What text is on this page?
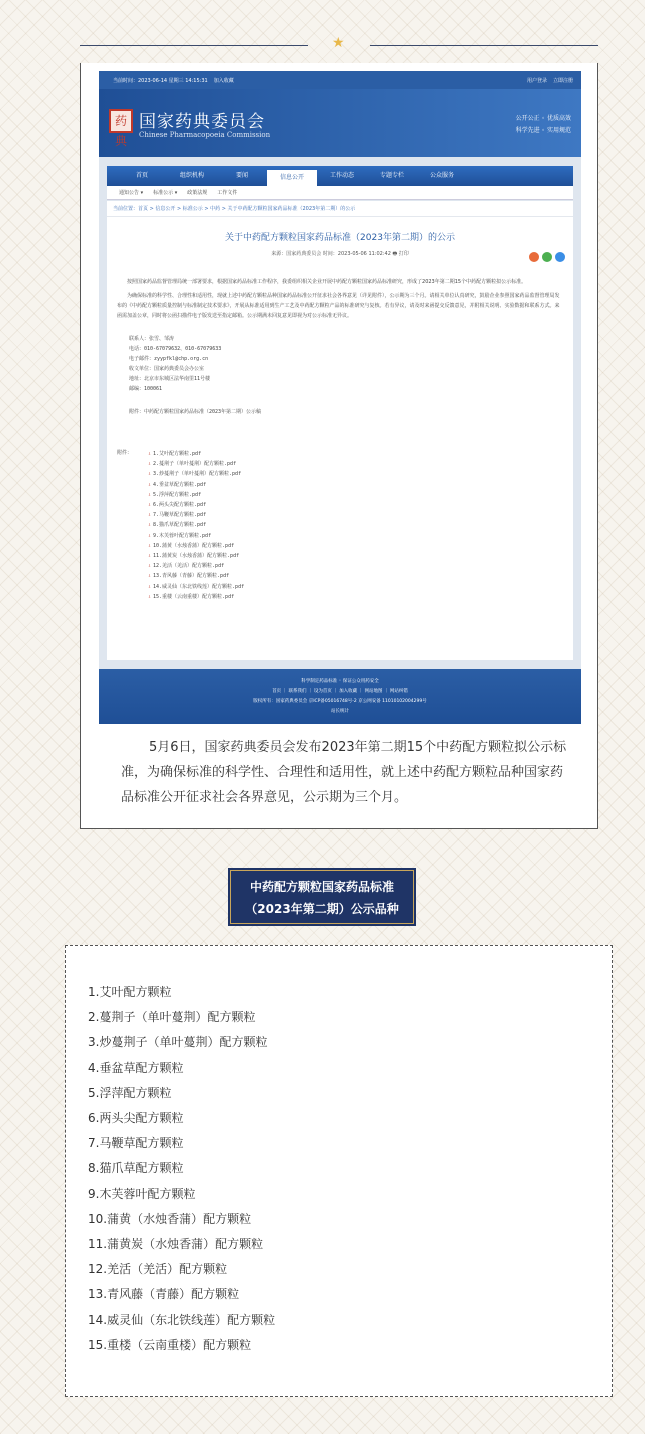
★
当前时间：2023-06-14 星期三 14:15:31 加入收藏	用户登录 立即注册
药典
国家药典委员会
Chinese Pharmacopoeia Commission
公开公正 ◦ 优质高效
科学先进 ◦ 实用规范
首页	组织机构	要闻	信息公开	工作动态	专题专栏	公众服务
通知公告 ▾ 标准公示 ▾ 政策法规 工作文件
当前位置：首页 > 信息公开 > 标准公示 > 中药 > 关于中药配方颗粒国家药品标准（2023年第二期）的公示
关于中药配方颗粒国家药品标准（2023年第二期）的公示
来源：国家药典委员会 时间：2023-05-06 11:02:42 🖶 打印

按照国家药品监督管理局统一部署要求，根据国家药品标准工作程序，我委组织相关企业开展中药配方颗粒国家药品标准研究，形成了2023年第二期15个中药配方颗粒拟公示标准。

为确保标准的科学性、合理性和适用性，现就上述中药配方颗粒品种国家药品标准公开征求社会各界意见（详见附件），公示期为三个月。请相关单位认真研究，鼓励企业参照国家药品监督管理局发布的《中药配方颗粒质量控制与标准制定技术要求》，开展从标准适用到生产工艺及中药配方颗粒产品的标准研究与复核。若有异议，请及时来函提交反馈意见，并附相关说明、实验数据和联系方式。来函需加盖公章，同时将公函扫描件电子版发送至指定邮箱。公示期满未回复意见即视为对公示标准无异议。

联系人：张雪、邹涛
电话：010-67079632、010-67079633
电子邮件：zyypfkl@chp.org.cn
收文单位：国家药典委员会办公室
地址：北京市东城区法华南里11号楼
邮编：100061
附件：中药配方颗粒国家药品标准（2023年第二期）公示稿
附件：	⇩ 1.艾叶配方颗粒.pdf
⇩ 2.蔓荆子（单叶蔓荆）配方颗粒.pdf
⇩ 3.炒蔓荆子（单叶蔓荆）配方颗粒.pdf
⇩ 4.垂盆草配方颗粒.pdf
⇩ 5.浮萍配方颗粒.pdf
⇩ 6.两头尖配方颗粒.pdf
⇩ 7.马鞭草配方颗粒.pdf
⇩ 8.猫爪草配方颗粒.pdf
⇩ 9.木芙蓉叶配方颗粒.pdf
⇩ 10.蒲黄（水烛香蒲）配方颗粒.pdf
⇩ 11.蒲黄炭（水烛香蒲）配方颗粒.pdf
⇩ 12.羌活（羌活）配方颗粒.pdf
⇩ 13.青风藤（青藤）配方颗粒.pdf
⇩ 14.威灵仙（东北铁线莲）配方颗粒.pdf
⇩ 15.重楼（云南重楼）配方颗粒.pdf
科学制定药品标准 ◦ 保证公众用药安全
首页 ｜ 联系我们 ｜ 设为首页 ｜ 加入收藏 ｜ 网站地图 ｜ 网站纠错
版权所有：国家药典委员会 京ICP备05016748号-2 京公网安备 11010102004299号
站长统计
5月6日，国家药典委员会发布2023年第二期15个中药配方颗粒拟公示标准，为确保标准的科学性、合理性和适用性，就上述中药配方颗粒品种国家药品标准公开征求社会各界意见，公示期为三个月。
中药配方颗粒国家药品标准
（2023年第二期）公示品种
1.艾叶配方颗粒
2.蔓荆子（单叶蔓荆）配方颗粒
3.炒蔓荆子（单叶蔓荆）配方颗粒
4.垂盆草配方颗粒
5.浮萍配方颗粒
6.两头尖配方颗粒
7.马鞭草配方颗粒
8.猫爪草配方颗粒
9.木芙蓉叶配方颗粒
10.蒲黄（水烛香蒲）配方颗粒
11.蒲黄炭（水烛香蒲）配方颗粒
12.羌活（羌活）配方颗粒
13.青风藤（青藤）配方颗粒
14.威灵仙（东北铁线莲）配方颗粒
15.重楼（云南重楼）配方颗粒
